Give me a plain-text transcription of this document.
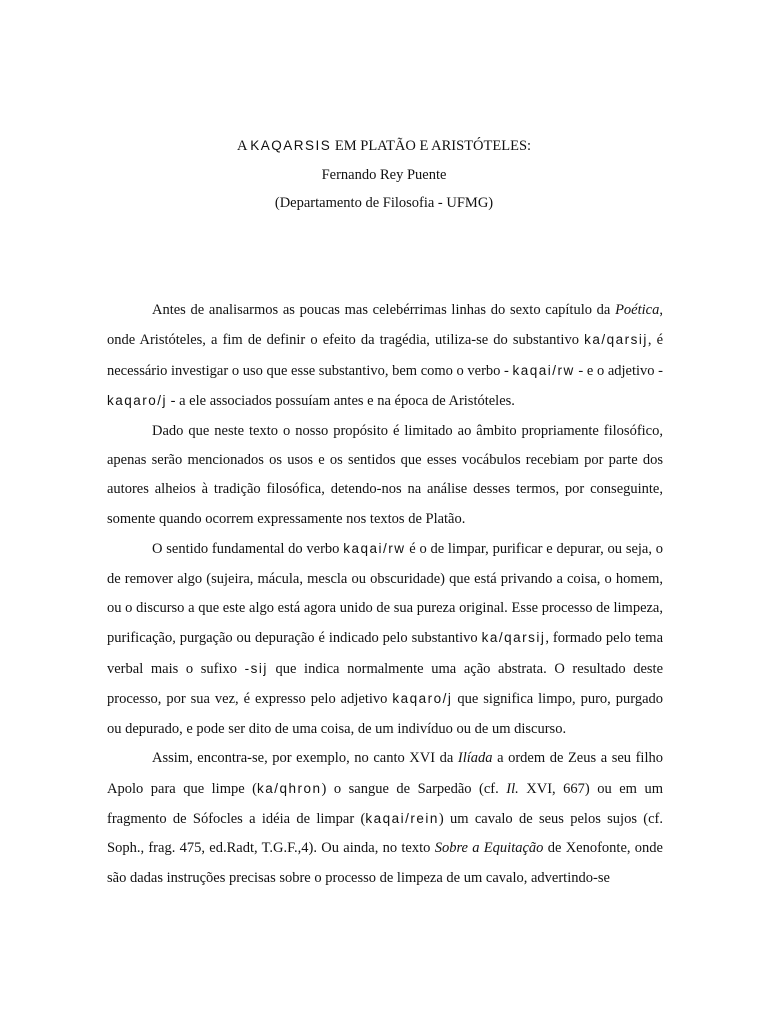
A KAQARSIS EM PLATÃO E ARISTÓTELES:
Fernando Rey Puente
(Departamento de Filosofia - UFMG)

Antes de analisarmos as poucas mas celebérrimas linhas do sexto capítulo da Poética, onde Aristóteles, a fim de definir o efeito da tragédia, utiliza-se do substantivo ka/qarsij, é necessário investigar o uso que esse substantivo, bem como o verbo - kaqai/rw - e o adjetivo - kaqaro/j - a ele associados possuíam antes e na época de Aristóteles.

Dado que neste texto o nosso propósito é limitado ao âmbito propriamente filosófico, apenas serão mencionados os usos e os sentidos que esses vocábulos recebiam por parte dos autores alheios à tradição filosófica, detendo-nos na análise desses termos, por conseguinte, somente quando ocorrem expressamente nos textos de Platão.

O sentido fundamental do verbo kaqai/rw é o de limpar, purificar e depurar, ou seja, o de remover algo (sujeira, mácula, mescla ou obscuridade) que está privando a coisa, o homem, ou o discurso a que este algo está agora unido de sua pureza original. Esse processo de limpeza, purificação, purgação ou depuração é indicado pelo substantivo ka/qarsij, formado pelo tema verbal mais o sufixo -sij que indica normalmente uma ação abstrata. O resultado deste processo, por sua vez, é expresso pelo adjetivo kaqaro/j que significa limpo, puro, purgado ou depurado, e pode ser dito de uma coisa, de um indivíduo ou de um discurso.

Assim, encontra-se, por exemplo, no canto XVI da Ilíada a ordem de Zeus a seu filho Apolo para que limpe (ka/qhron) o sangue de Sarpedão (cf. Il. XVI, 667) ou em um fragmento de Sófocles a idéia de limpar (kaqai/rein) um cavalo de seus pelos sujos (cf. Soph., frag. 475, ed.Radt, T.G.F.,4). Ou ainda, no texto Sobre a Equitação de Xenofonte, onde são dadas instruções precisas sobre o processo de limpeza de um cavalo, advertindo-se
